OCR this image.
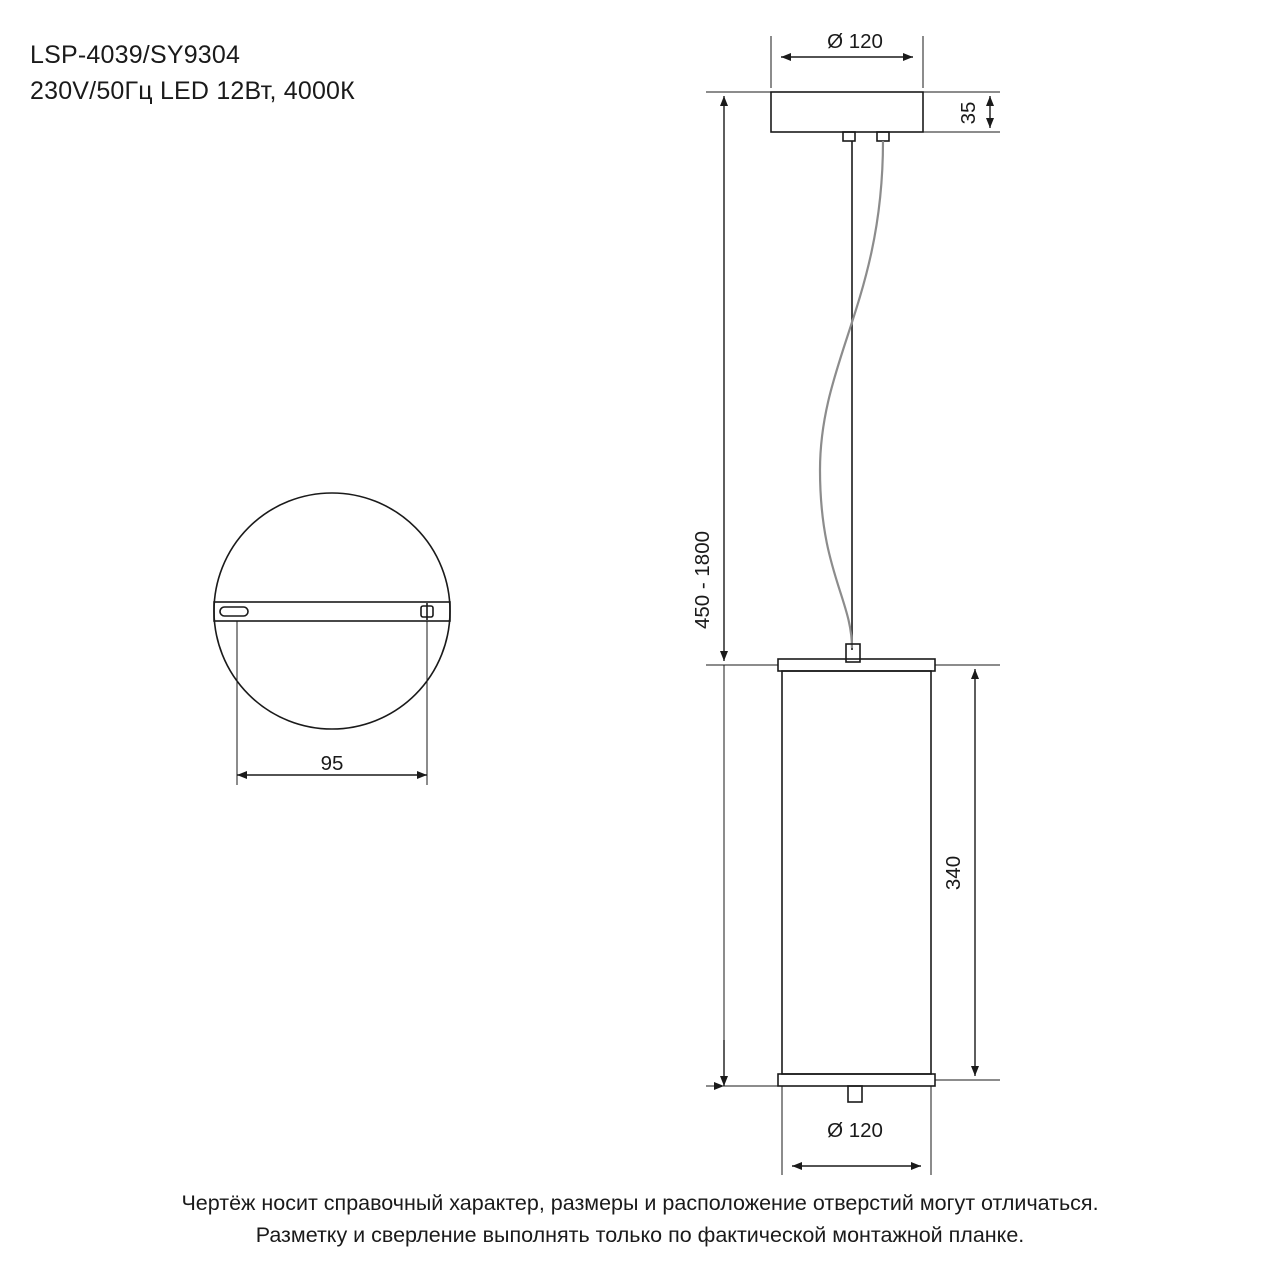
LSP-4039/SY9304
230V/50Гц LED 12Вт, 4000К
95
Ø 120
35
450 - 1800
340
Ø 120
Чертёж носит справочный характер, размеры и расположение отверстий могут отличаться.
Разметку и сверление выполнять только по фактической монтажной планке.
